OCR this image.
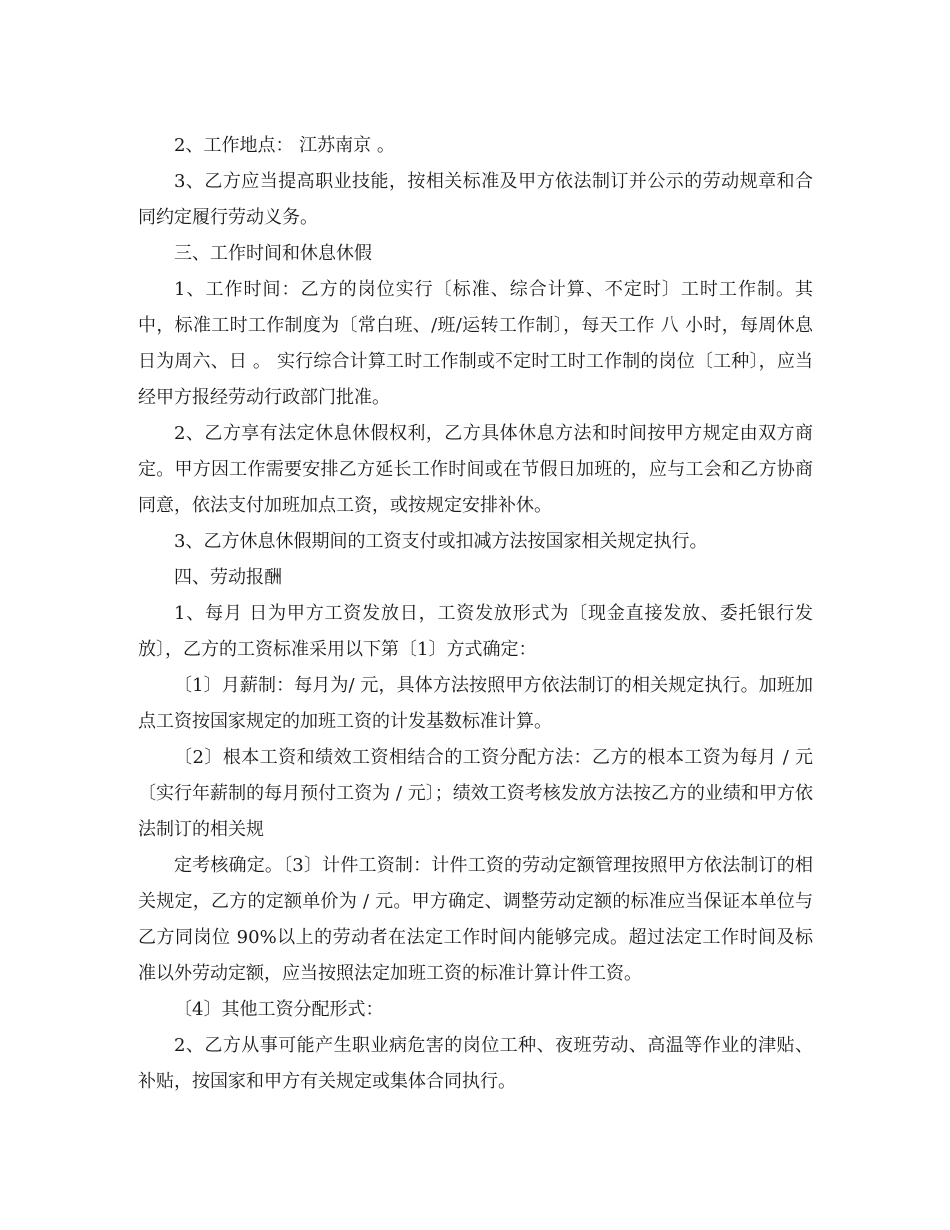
2、工作地点： 江苏南京 。

3、乙方应当提高职业技能，按相关标准及甲方依法制订并公示的劳动规章和合同约定履行劳动义务。

三、工作时间和休息休假

1、工作时间：乙方的岗位实行〔标准、综合计算、不定时〕工时工作制。其中，标准工时工作制度为〔常白班、/班/运转工作制〕，每天工作 八 小时，每周休息日为周六、日 。 实行综合计算工时工作制或不定时工时工作制的岗位〔工种〕，应当经甲方报经劳动行政部门批准。

2、乙方享有法定休息休假权利，乙方具体休息方法和时间按甲方规定由双方商定。甲方因工作需要安排乙方延长工作时间或在节假日加班的，应与工会和乙方协商同意，依法支付加班加点工资，或按规定安排补休。

3、乙方休息休假期间的工资支付或扣减方法按国家相关规定执行。

四、劳动报酬

1、每月 日为甲方工资发放日，工资发放形式为〔现金直接发放、委托银行发放〕，乙方的工资标准采用以下第〔1〕方式确定：

〔1〕月薪制：每月为/ 元，具体方法按照甲方依法制订的相关规定执行。加班加点工资按国家规定的加班工资的计发基数标准计算。

〔2〕根本工资和绩效工资相结合的工资分配方法：乙方的根本工资为每月 / 元〔实行年薪制的每月预付工资为 / 元〕；绩效工资考核发放方法按乙方的业绩和甲方依法制订的相关规

定考核确定。〔3〕计件工资制：计件工资的劳动定额管理按照甲方依法制订的相关规定，乙方的定额单价为 / 元。甲方确定、调整劳动定额的标准应当保证本单位与乙方同岗位 90%以上的劳动者在法定工作时间内能够完成。超过法定工作时间及标准以外劳动定额，应当按照法定加班工资的标准计算计件工资。

〔4〕其他工资分配形式：

2、乙方从事可能产生职业病危害的岗位工种、夜班劳动、高温等作业的津贴、补贴，按国家和甲方有关规定或集体合同执行。
